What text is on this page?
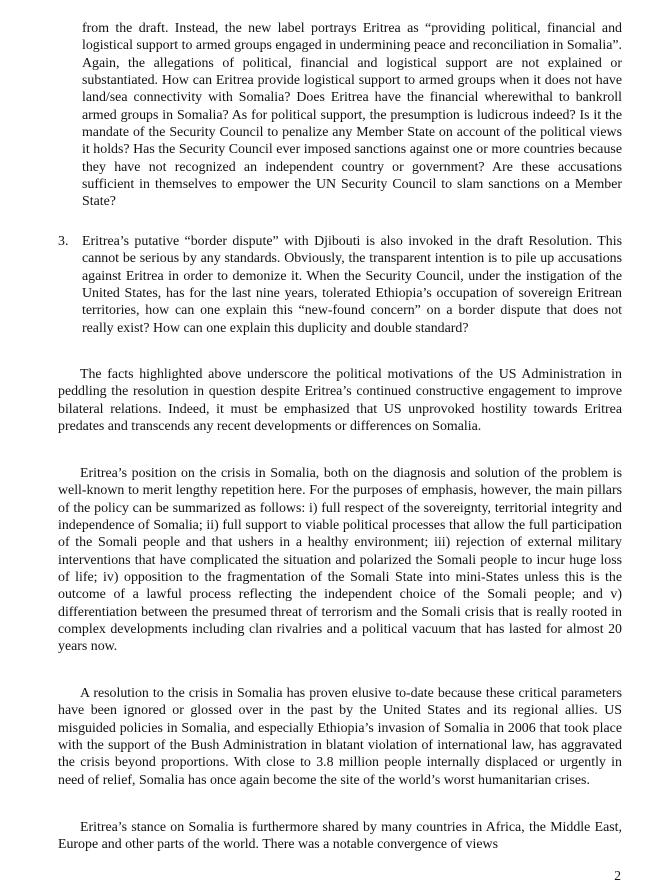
from the draft. Instead, the new label portrays Eritrea as “providing political, financial and logistical support to armed groups engaged in undermining peace and reconciliation in Somalia”. Again, the allegations of political, financial and logistical support are not explained or substantiated. How can Eritrea provide logistical support to armed groups when it does not have land/sea connectivity with Somalia? Does Eritrea have the financial wherewithal to bankroll armed groups in Somalia? As for political support, the presumption is ludicrous indeed? Is it the mandate of the Security Council to penalize any Member State on account of the political views it holds? Has the Security Council ever imposed sanctions against one or more countries because they have not recognized an independent country or government? Are these accusations sufficient in themselves to empower the UN Security Council to slam sanctions on a Member State?

3. Eritrea’s putative “border dispute” with Djibouti is also invoked in the draft Resolution. This cannot be serious by any standards. Obviously, the transparent intention is to pile up accusations against Eritrea in order to demonize it. When the Security Council, under the instigation of the United States, has for the last nine years, tolerated Ethiopia’s occupation of sovereign Eritrean territories, how can one explain this “new-found concern” on a border dispute that does not really exist? How can one explain this duplicity and double standard?

The facts highlighted above underscore the political motivations of the US Administration in peddling the resolution in question despite Eritrea’s continued constructive engagement to improve bilateral relations. Indeed, it must be emphasized that US unprovoked hostility towards Eritrea predates and transcends any recent developments or differences on Somalia.

Eritrea’s position on the crisis in Somalia, both on the diagnosis and solution of the problem is well-known to merit lengthy repetition here. For the purposes of emphasis, however, the main pillars of the policy can be summarized as follows: i) full respect of the sovereignty, territorial integrity and independence of Somalia; ii) full support to viable political processes that allow the full participation of the Somali people and that ushers in a healthy environment; iii) rejection of external military interventions that have complicated the situation and polarized the Somali people to incur huge loss of life; iv) opposition to the fragmentation of the Somali State into mini-States unless this is the outcome of a lawful process reflecting the independent choice of the Somali people; and v) differentiation between the presumed threat of terrorism and the Somali crisis that is really rooted in complex developments including clan rivalries and a political vacuum that has lasted for almost 20 years now.

A resolution to the crisis in Somalia has proven elusive to-date because these critical parameters have been ignored or glossed over in the past by the United States and its regional allies. US misguided policies in Somalia, and especially Ethiopia’s invasion of Somalia in 2006 that took place with the support of the Bush Administration in blatant violation of international law, has aggravated the crisis beyond proportions. With close to 3.8 million people internally displaced or urgently in need of relief, Somalia has once again become the site of the world’s worst humanitarian crises.

Eritrea’s stance on Somalia is furthermore shared by many countries in Africa, the Middle East, Europe and other parts of the world. There was a notable convergence of views

2
